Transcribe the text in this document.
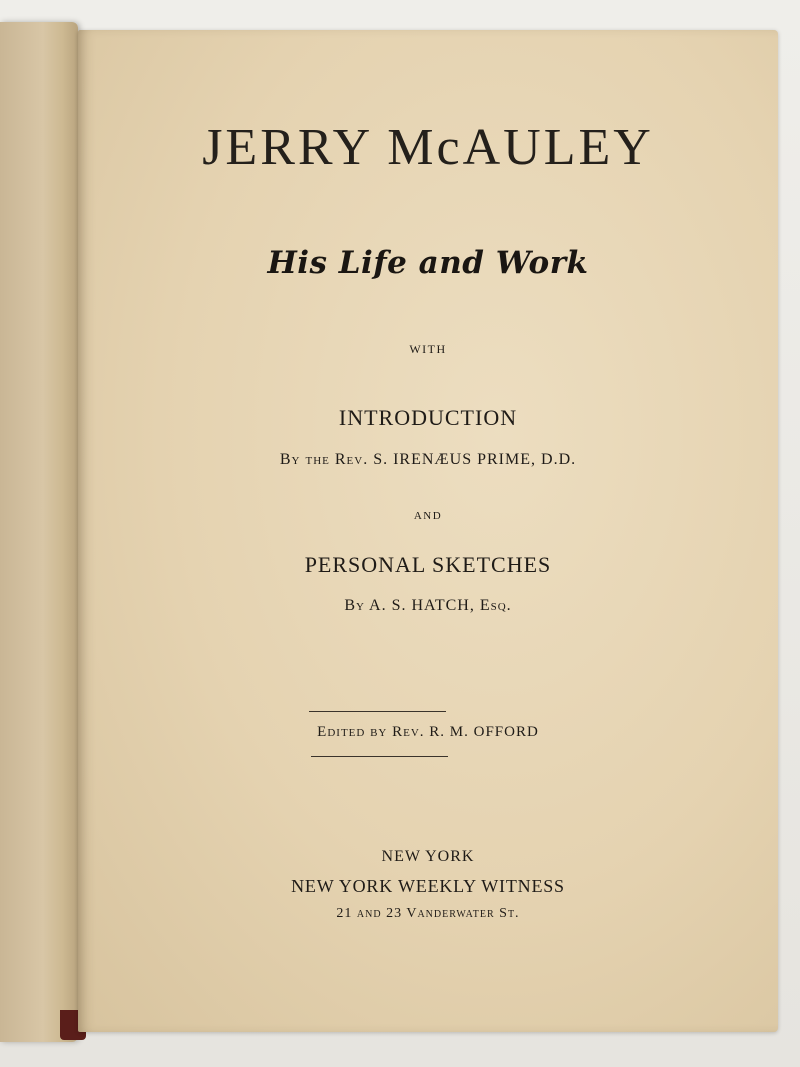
JERRY McAULEY
His Life and Work
WITH
INTRODUCTION
By the Rev. S. IRENÆUS PRIME, D.D.
AND
PERSONAL SKETCHES
By A. S. HATCH, Esq.
Edited by Rev. R. M. OFFORD
NEW YORK
NEW YORK WEEKLY WITNESS
21 and 23 Vanderwater St.
